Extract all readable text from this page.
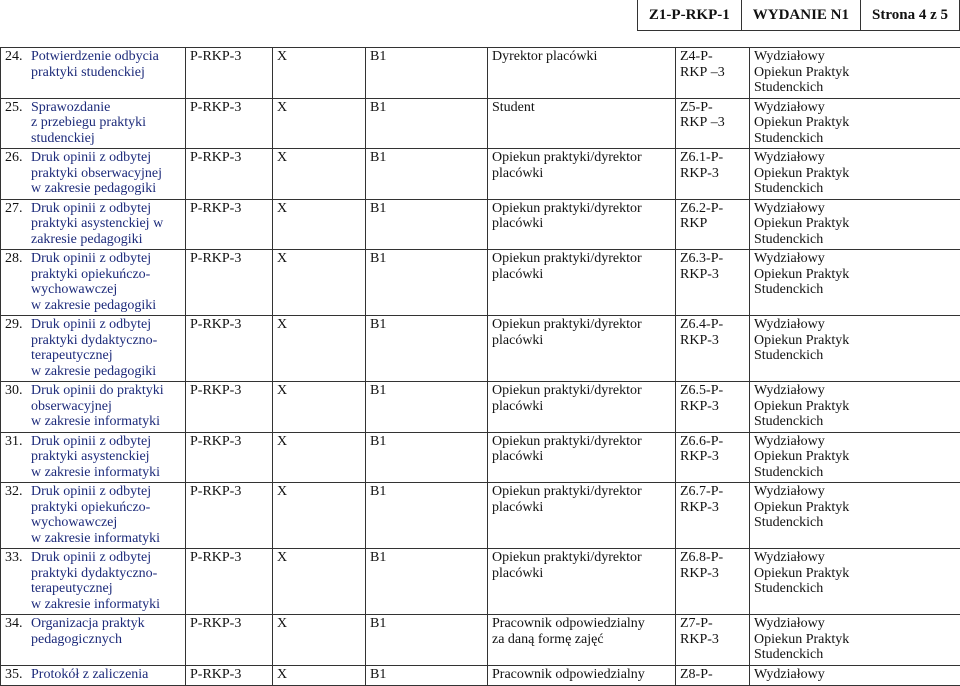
Z1-P-RKP-1	WYDANIE N1	Strona 4 z 5
24. Potwierdzenie odbycia
praktyki studenckiej	P-RKP-3	X	B1	Dyrektor placówki	Z4-P-
RKP –3	Wydziałowy
Opiekun Praktyk
Studenckich

25. Sprawozdanie
z przebiegu praktyki
studenckiej	P-RKP-3	X	B1	Student	Z5-P-
RKP –3	Wydziałowy
Opiekun Praktyk
Studenckich

26. Druk opinii z odbytej
praktyki obserwacyjnej
w zakresie pedagogiki	P-RKP-3	X	B1	Opiekun praktyki/dyrektor
placówki	Z6.1-P-
RKP-3	Wydziałowy
Opiekun Praktyk
Studenckich

27. Druk opinii z odbytej
praktyki asystenckiej w
zakresie pedagogiki	P-RKP-3	X	B1	Opiekun praktyki/dyrektor
placówki	Z6.2-P-
RKP	Wydziałowy
Opiekun Praktyk
Studenckich

28. Druk opinii z odbytej
praktyki opiekuńczo-
wychowawczej
w zakresie pedagogiki	P-RKP-3	X	B1	Opiekun praktyki/dyrektor
placówki	Z6.3-P-
RKP-3	Wydziałowy
Opiekun Praktyk
Studenckich

29. Druk opinii z odbytej
praktyki dydaktyczno-
terapeutycznej
w zakresie pedagogiki	P-RKP-3	X	B1	Opiekun praktyki/dyrektor
placówki	Z6.4-P-
RKP-3	Wydziałowy
Opiekun Praktyk
Studenckich

30. Druk opinii do praktyki
obserwacyjnej
w zakresie informatyki	P-RKP-3	X	B1	Opiekun praktyki/dyrektor
placówki	Z6.5-P-
RKP-3	Wydziałowy
Opiekun Praktyk
Studenckich

31. Druk opinii z odbytej
praktyki asystenckiej
w zakresie informatyki	P-RKP-3	X	B1	Opiekun praktyki/dyrektor
placówki	Z6.6-P-
RKP-3	Wydziałowy
Opiekun Praktyk
Studenckich

32. Druk opinii z odbytej
praktyki opiekuńczo-
wychowawczej
w zakresie informatyki	P-RKP-3	X	B1	Opiekun praktyki/dyrektor
placówki	Z6.7-P-
RKP-3	Wydziałowy
Opiekun Praktyk
Studenckich

33. Druk opinii z odbytej
praktyki dydaktyczno-
terapeutycznej
w zakresie informatyki	P-RKP-3	X	B1	Opiekun praktyki/dyrektor
placówki	Z6.8-P-
RKP-3	Wydziałowy
Opiekun Praktyk
Studenckich

34. Organizacja praktyk
pedagogicznych	P-RKP-3	X	B1	Pracownik odpowiedzialny
za daną formę zajęć	Z7-P-
RKP-3	Wydziałowy
Opiekun Praktyk
Studenckich

35. Protokół z zaliczenia	P-RKP-3	X	B1	Pracownik odpowiedzialny	Z8-P-	Wydziałowy
